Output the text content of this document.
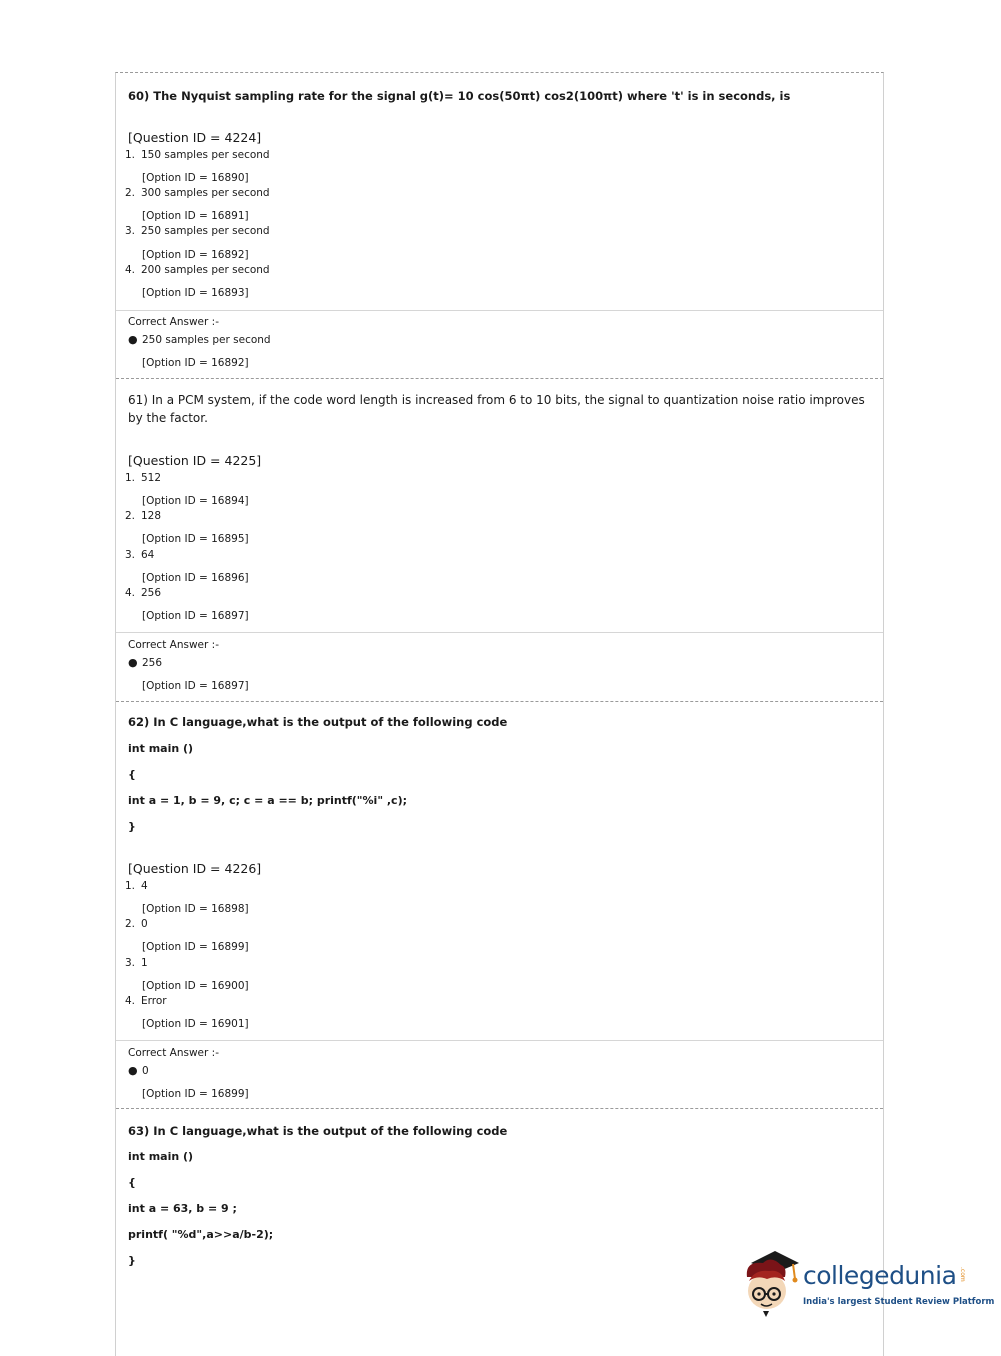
60) The Nyquist sampling rate for the signal g(t)= 10 cos(50πt) cos2(100πt) where 't' is in seconds, is
[Question ID = 4224]
1. 150 samples per second
[Option ID = 16890]
2. 300 samples per second
[Option ID = 16891]
3. 250 samples per second
[Option ID = 16892]
4. 200 samples per second
[Option ID = 16893]
Correct Answer :-
● 250 samples per second
[Option ID = 16892]
61) In a PCM system, if the code word length is increased from 6 to 10 bits, the signal to quantization noise ratio improves by the factor.
[Question ID = 4225]
1. 512
[Option ID = 16894]
2. 128
[Option ID = 16895]
3. 64
[Option ID = 16896]
4. 256
[Option ID = 16897]
Correct Answer :-
● 256
[Option ID = 16897]
62) In C language,what is the output of the following code
int main ()
{
int a = 1, b = 9, c; c = a == b; printf("%i" ,c);
}
[Question ID = 4226]
1. 4
[Option ID = 16898]
2. 0
[Option ID = 16899]
3. 1
[Option ID = 16900]
4. Error
[Option ID = 16901]
Correct Answer :-
● 0
[Option ID = 16899]
63) In C language,what is the output of the following code
int main ()
{
int a = 63, b = 9 ;
printf( "%d",a>>a/b-2);
}
collegedunia .com
India's largest Student Review Platform
